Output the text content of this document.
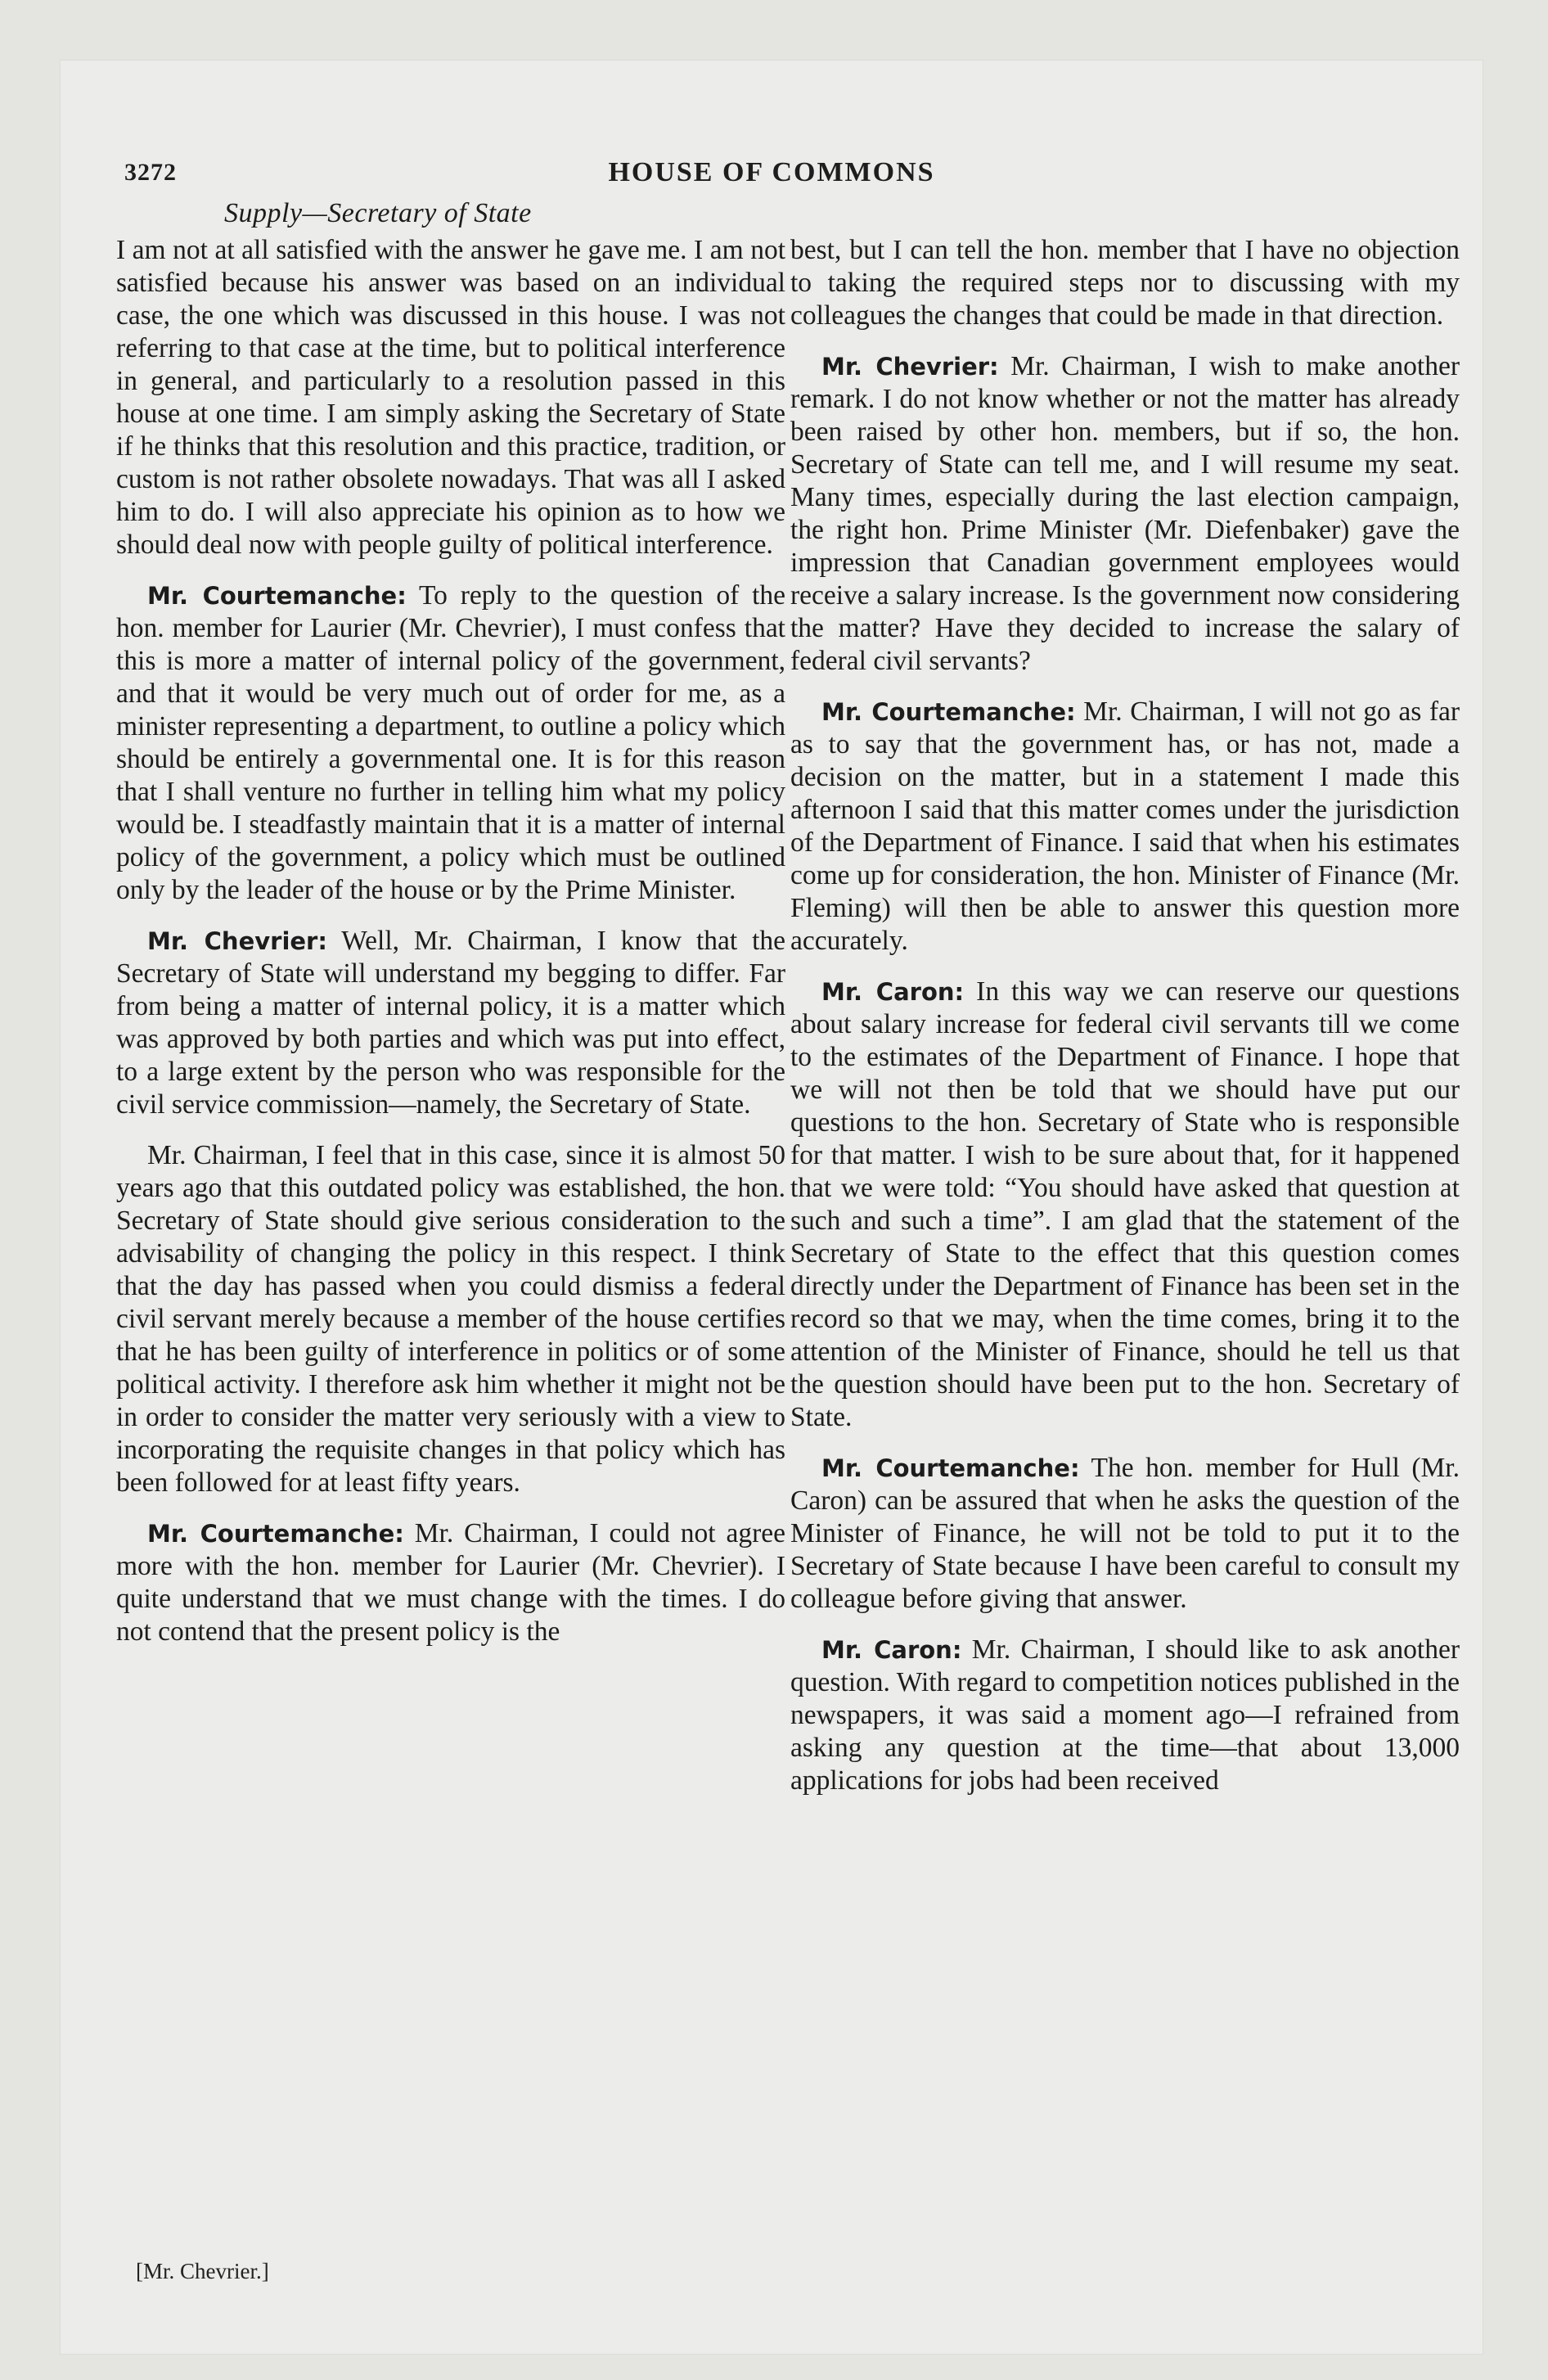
3272	HOUSE OF COMMONS
Supply—Secretary of State

I am not at all satisfied with the answer he gave me. I am not satisfied because his answer was based on an individual case, the one which was discussed in this house. I was not referring to that case at the time, but to political interference in general, and particularly to a resolution passed in this house at one time. I am simply asking the Secretary of State if he thinks that this resolution and this practice, tradition, or custom is not rather obsolete nowadays. That was all I asked him to do. I will also appreciate his opinion as to how we should deal now with people guilty of political interference.

Mr. Courtemanche: To reply to the question of the hon. member for Laurier (Mr. Chevrier), I must confess that this is more a matter of internal policy of the government, and that it would be very much out of order for me, as a minister representing a department, to outline a policy which should be entirely a governmental one. It is for this reason that I shall venture no further in telling him what my policy would be. I steadfastly maintain that it is a matter of internal policy of the government, a policy which must be outlined only by the leader of the house or by the Prime Minister.

Mr. Chevrier: Well, Mr. Chairman, I know that the Secretary of State will understand my begging to differ. Far from being a matter of internal policy, it is a matter which was approved by both parties and which was put into effect, to a large extent by the person who was responsible for the civil service commission—namely, the Secretary of State.

Mr. Chairman, I feel that in this case, since it is almost 50 years ago that this outdated policy was established, the hon. Secretary of State should give serious consideration to the advisability of changing the policy in this respect. I think that the day has passed when you could dismiss a federal civil servant merely because a member of the house certifies that he has been guilty of interference in politics or of some political activity. I therefore ask him whether it might not be in order to consider the matter very seriously with a view to incorporating the requisite changes in that policy which has been followed for at least fifty years.

Mr. Courtemanche: Mr. Chairman, I could not agree more with the hon. member for Laurier (Mr. Chevrier). I quite understand that we must change with the times. I do not contend that the present policy is the

best, but I can tell the hon. member that I have no objection to taking the required steps nor to discussing with my colleagues the changes that could be made in that direction.

Mr. Chevrier: Mr. Chairman, I wish to make another remark. I do not know whether or not the matter has already been raised by other hon. members, but if so, the hon. Secretary of State can tell me, and I will resume my seat. Many times, especially during the last election campaign, the right hon. Prime Minister (Mr. Diefenbaker) gave the impression that Canadian government employees would receive a salary increase. Is the government now considering the matter? Have they decided to increase the salary of federal civil servants?

Mr. Courtemanche: Mr. Chairman, I will not go as far as to say that the government has, or has not, made a decision on the matter, but in a statement I made this afternoon I said that this matter comes under the jurisdiction of the Department of Finance. I said that when his estimates come up for consideration, the hon. Minister of Finance (Mr. Fleming) will then be able to answer this question more accurately.

Mr. Caron: In this way we can reserve our questions about salary increase for federal civil servants till we come to the estimates of the Department of Finance. I hope that we will not then be told that we should have put our questions to the hon. Secretary of State who is responsible for that matter. I wish to be sure about that, for it happened that we were told: “You should have asked that question at such and such a time”. I am glad that the statement of the Secretary of State to the effect that this question comes directly under the Department of Finance has been set in the record so that we may, when the time comes, bring it to the attention of the Minister of Finance, should he tell us that the question should have been put to the hon. Secretary of State.

Mr. Courtemanche: The hon. member for Hull (Mr. Caron) can be assured that when he asks the question of the Minister of Finance, he will not be told to put it to the Secretary of State because I have been careful to consult my colleague before giving that answer.

Mr. Caron: Mr. Chairman, I should like to ask another question. With regard to competition notices published in the newspapers, it was said a moment ago—I refrained from asking any question at the time—that about 13,000 applications for jobs had been received

[Mr. Chevrier.]
